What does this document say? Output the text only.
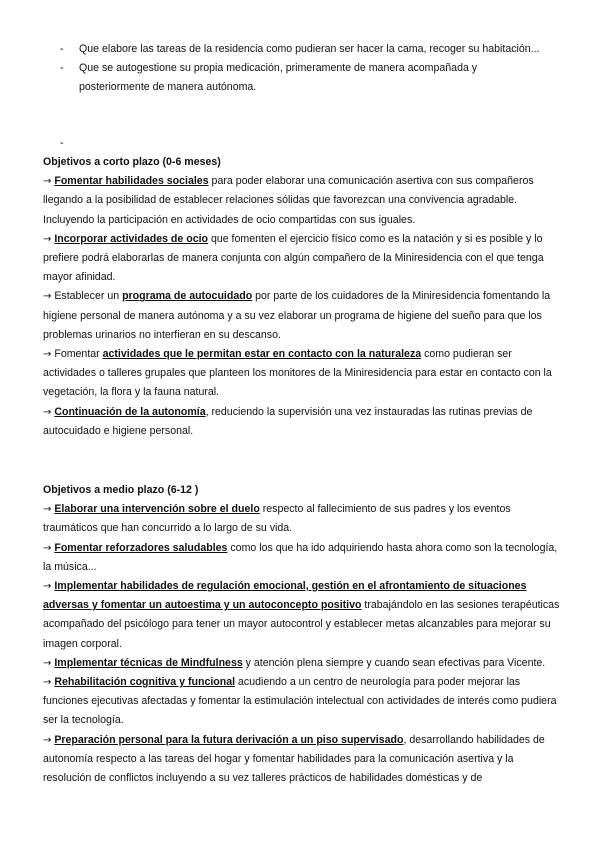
- Que elabore las tareas de la residencia como pudieran ser hacer la cama, recoger su habitación...

- Que se autogestione su propia medicación, primeramente de manera acompañada y posteriormente de manera autónoma.

-

Objetivos a corto plazo (0-6 meses)

→ Fomentar habilidades sociales para poder elaborar una comunicación asertiva con sus compañeros llegando a la posibilidad de establecer relaciones sólidas que favorezcan una convivencia agradable. Incluyendo la participación en actividades de ocio compartidas con sus iguales.

→ Incorporar actividades de ocio que fomenten el ejercicio físico como es la natación y si es posible y lo prefiere podrá elaborarlas de manera conjunta con algún compañero de la Miniresidencia con el que tenga mayor afinidad.

→ Establecer un programa de autocuidado por parte de los cuidadores de la Miniresidencia fomentando la higiene personal de manera autónoma y a su vez elaborar un programa de higiene del sueño para que los problemas urinarios no interfieran en su descanso.

→ Fomentar actividades que le permitan estar en contacto con la naturaleza como pudieran ser actividades o talleres grupales que planteen los monitores de la Miniresidencia para estar en contacto con la vegetación, la flora y la fauna natural.

→ Continuación de la autonomía, reduciendo la supervisión una vez instauradas las rutinas previas de autocuidado e higiene personal.

Objetivos a medio plazo (6-12 )

→ Elaborar una intervención sobre el duelo respecto al fallecimiento de sus padres y los eventos traumáticos que han concurrido a lo largo de su vida.

→ Fomentar reforzadores saludables como los que ha ido adquiriendo hasta ahora como son la tecnología, la música...

→ Implementar habilidades de regulación emocional, gestión en el afrontamiento de situaciones adversas y fomentar un autoestima y un autoconcepto positivo trabajándolo en las sesiones terapéuticas acompañado del psicólogo para tener un mayor autocontrol y establecer metas alcanzables para mejorar su imagen corporal.

→ Implementar técnicas de Mindfulness y atención plena siempre y cuando sean efectivas para Vicente.

→ Rehabilitación cognitiva y funcional acudiendo a un centro de neurología para poder mejorar las funciones ejecutivas afectadas y fomentar la estimulación intelectual con actividades de interés como pudiera ser la tecnología.

→ Preparación personal para la futura derivación a un piso supervisado, desarrollando habilidades de autonomía respecto a las tareas del hogar y fomentar habilidades para la comunicación asertiva y la resolución de conflictos incluyendo a su vez talleres prácticos de habilidades domésticas y de
